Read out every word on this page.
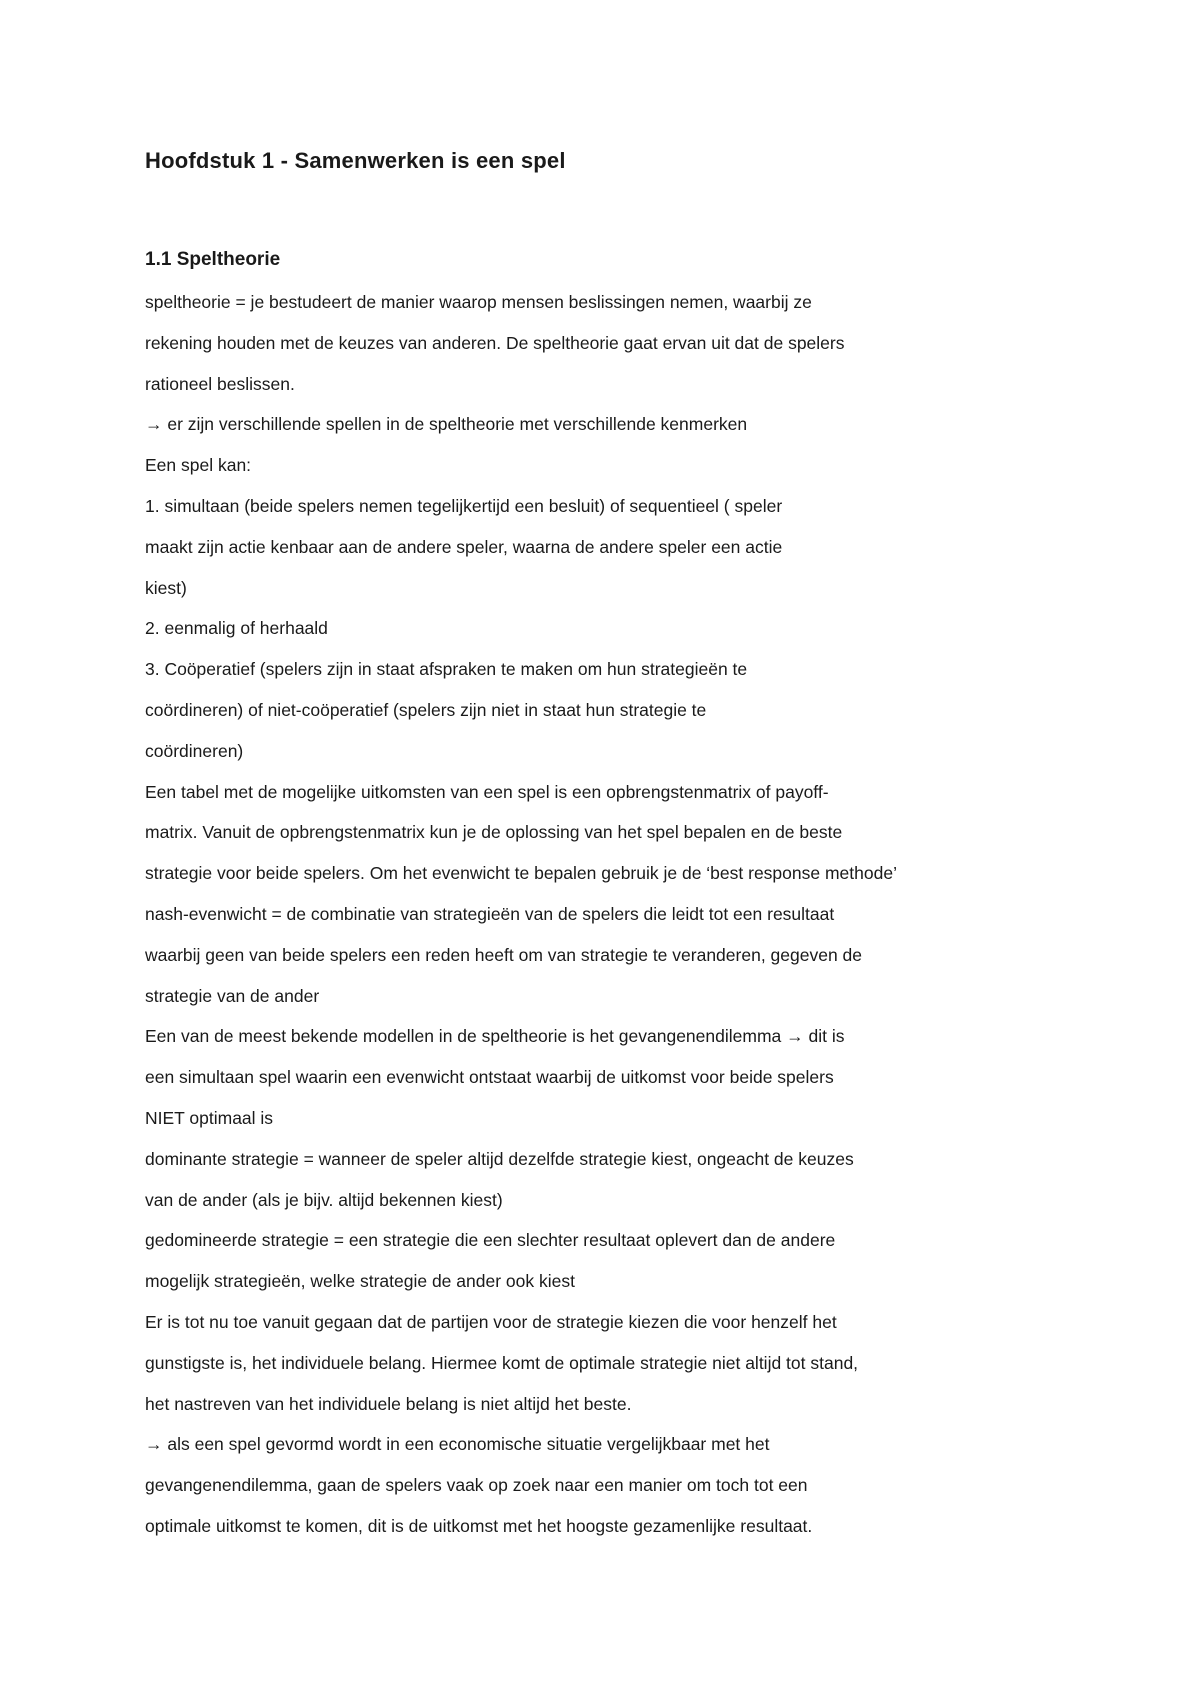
Hoofdstuk 1 - Samenwerken is een spel
1.1 Speltheorie
speltheorie = je bestudeert de manier waarop mensen beslissingen nemen, waarbij ze
rekening houden met de keuzes van anderen. De speltheorie gaat ervan uit dat de spelers
rationeel beslissen.
→ er zijn verschillende spellen in de speltheorie met verschillende kenmerken
Een spel kan:
1. simultaan (beide spelers nemen tegelijkertijd een besluit) of sequentieel ( speler
maakt zijn actie kenbaar aan de andere speler, waarna de andere speler een actie
kiest)
2. eenmalig of herhaald
3. Coöperatief (spelers zijn in staat afspraken te maken om hun strategieën te
coördineren) of niet-coöperatief (spelers zijn niet in staat hun strategie te
coördineren)
Een tabel met de mogelijke uitkomsten van een spel is een opbrengstenmatrix of payoff-
matrix. Vanuit de opbrengstenmatrix kun je de oplossing van het spel bepalen en de beste
strategie voor beide spelers. Om het evenwicht te bepalen gebruik je de ‘best response methode’
nash-evenwicht = de combinatie van strategieën van de spelers die leidt tot een resultaat
waarbij geen van beide spelers een reden heeft om van strategie te veranderen, gegeven de
strategie van de ander
Een van de meest bekende modellen in de speltheorie is het gevangenendilemma → dit is
een simultaan spel waarin een evenwicht ontstaat waarbij de uitkomst voor beide spelers
NIET optimaal is
dominante strategie = wanneer de speler altijd dezelfde strategie kiest, ongeacht de keuzes
van de ander (als je bijv. altijd bekennen kiest)
gedomineerde strategie = een strategie die een slechter resultaat oplevert dan de andere
mogelijk strategieën, welke strategie de ander ook kiest
Er is tot nu toe vanuit gegaan dat de partijen voor de strategie kiezen die voor henzelf het
gunstigste is, het individuele belang. Hiermee komt de optimale strategie niet altijd tot stand,
het nastreven van het individuele belang is niet altijd het beste.
→ als een spel gevormd wordt in een economische situatie vergelijkbaar met het
gevangenendilemma, gaan de spelers vaak op zoek naar een manier om toch tot een
optimale uitkomst te komen, dit is de uitkomst met het hoogste gezamenlijke resultaat.
